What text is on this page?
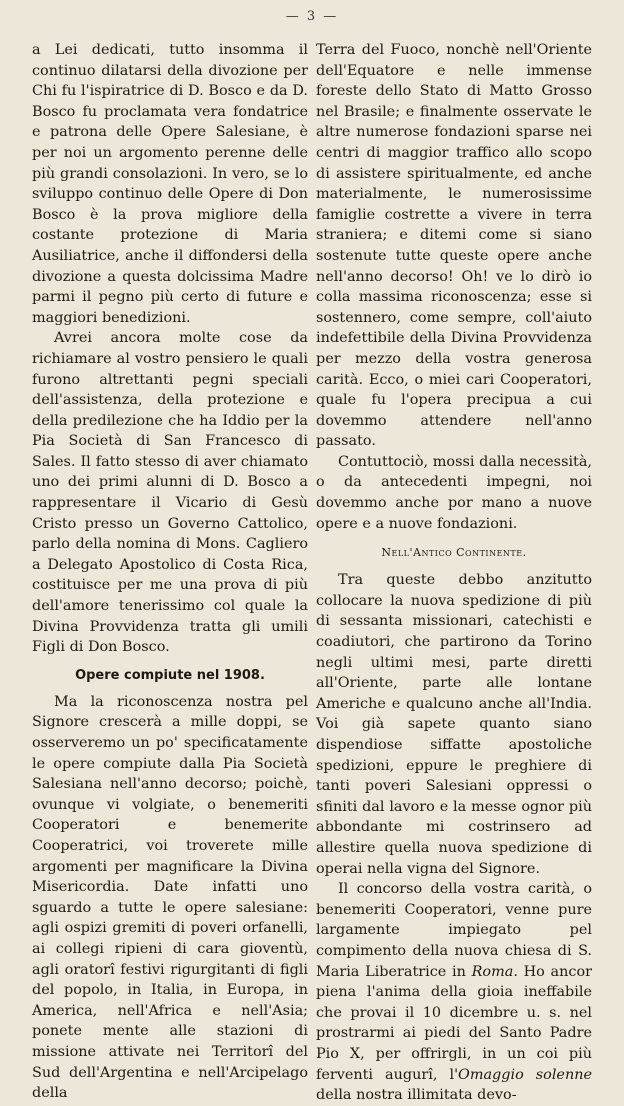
— 3 —

a Lei dedicati, tutto insomma il continuo dilatarsi della divozione per Chi fu l'ispiratrice di D. Bosco e da D. Bosco fu proclamata vera fondatrice e patrona delle Opere Salesiane, è per noi un argomento perenne delle più grandi consolazioni. In vero, se lo sviluppo continuo delle Opere di Don Bosco è la prova migliore della costante protezione di Maria Ausiliatrice, anche il diffondersi della divozione a questa dolcissima Madre parmi il pegno più certo di future e maggiori benedizioni.

Avrei ancora molte cose da richiamare al vostro pensiero le quali furono altrettanti pegni speciali dell'assistenza, della protezione e della predilezione che ha Iddio per la Pia Società di San Francesco di Sales. Il fatto stesso di aver chiamato uno dei primi alunni di D. Bosco a rappresentare il Vicario di Gesù Cristo presso un Governo Cattolico, parlo della nomina di Mons. Cagliero a Delegato Apostolico di Costa Rica, costituisce per me una prova di più dell'amore tenerissimo col quale la Divina Provvidenza tratta gli umili Figli di Don Bosco.

Opere compiute nel 1908.

Ma la riconoscenza nostra pel Signore crescerà a mille doppi, se osserveremo un po' specificatamente le opere compiute dalla Pia Società Salesiana nell'anno decorso; poichè, ovunque vi volgiate, o benemeriti Cooperatori e benemerite Cooperatrici, voi troverete mille argomenti per magnificare la Divina Misericordia. Date infatti uno sguardo a tutte le opere salesiane: agli ospizi gremiti di poveri orfanelli, ai collegi ripieni di cara gioventù, agli oratorî festivi rigurgitanti di figli del popolo, in Italia, in Europa, in America, nell'Africa e nell'Asia; ponete mente alle stazioni di missione attivate nei Territorî del Sud dell'Argentina e nell'Arcipelago della

Terra del Fuoco, nonchè nell'Oriente dell'Equatore e nelle immense foreste dello Stato di Matto Grosso nel Brasile; e finalmente osservate le altre numerose fondazioni sparse nei centri di maggior traffico allo scopo di assistere spiritualmente, ed anche materialmente, le numerosissime famiglie costrette a vivere in terra straniera; e ditemi come si siano sostenute tutte queste opere anche nell'anno decorso! Oh! ve lo dirò io colla massima riconoscenza; esse si sostennero, come sempre, coll'aiuto indefettibile della Divina Provvidenza per mezzo della vostra generosa carità. Ecco, o miei cari Cooperatori, quale fu l'opera precipua a cui dovemmo attendere nell'anno passato.

Contuttociò, mossi dalla necessità, o da antecedenti impegni, noi dovemmo anche por mano a nuove opere e a nuove fondazioni.

Nell'Antico Continente.

Tra queste debbo anzitutto collocare la nuova spedizione di più di sessanta missionari, catechisti e coadiutori, che partirono da Torino negli ultimi mesi, parte diretti all'Oriente, parte alle lontane Americhe e qualcuno anche all'India. Voi già sapete quanto siano dispendiose siffatte apostoliche spedizioni, eppure le preghiere di tanti poveri Salesiani oppressi o sfiniti dal lavoro e la messe ognor più abbondante mi costrinsero ad allestire quella nuova spedizione di operai nella vigna del Signore.

Il concorso della vostra carità, o benemeriti Cooperatori, venne pure largamente impiegato pel compimento della nuova chiesa di S. Maria Liberatrice in Roma. Ho ancor piena l'anima della gioia ineffabile che provai il 10 dicembre u. s. nel prostrarmi ai piedi del Santo Padre Pio X, per offrirgli, in un coi più ferventi augurî, l'Omaggio solenne della nostra illimitata devo-
